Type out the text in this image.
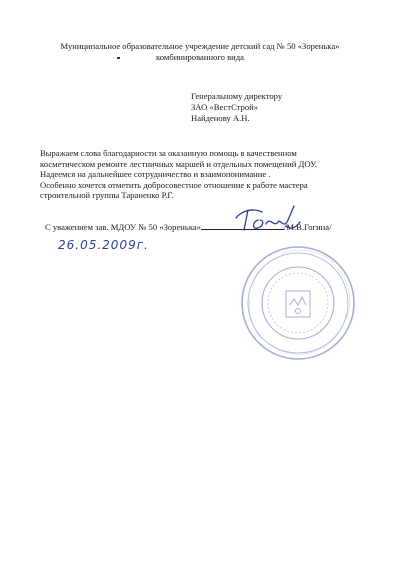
Муниципальное образовательное учреждение детский сад № 50 «Зоренька»
комбинированного вида
Генеральному директору
ЗАО «ВестСтрой»
Найденову А.Н.
Выражаем слова благодарности за оказанную помощь в качественном
косметическом ремонте лестничных маршей и отдельных помещений ДОУ.
Надеемся на дальнейшее сотрудничество и взаимопонимание .
Особенно хочется отметить добросовестное отношение к работе мастера
строительной группы Тараненко Р.Г.
С уважением зав. МДОУ № 50 «Зоренька»	/М.В.Гогина/
26.05.2009г.
